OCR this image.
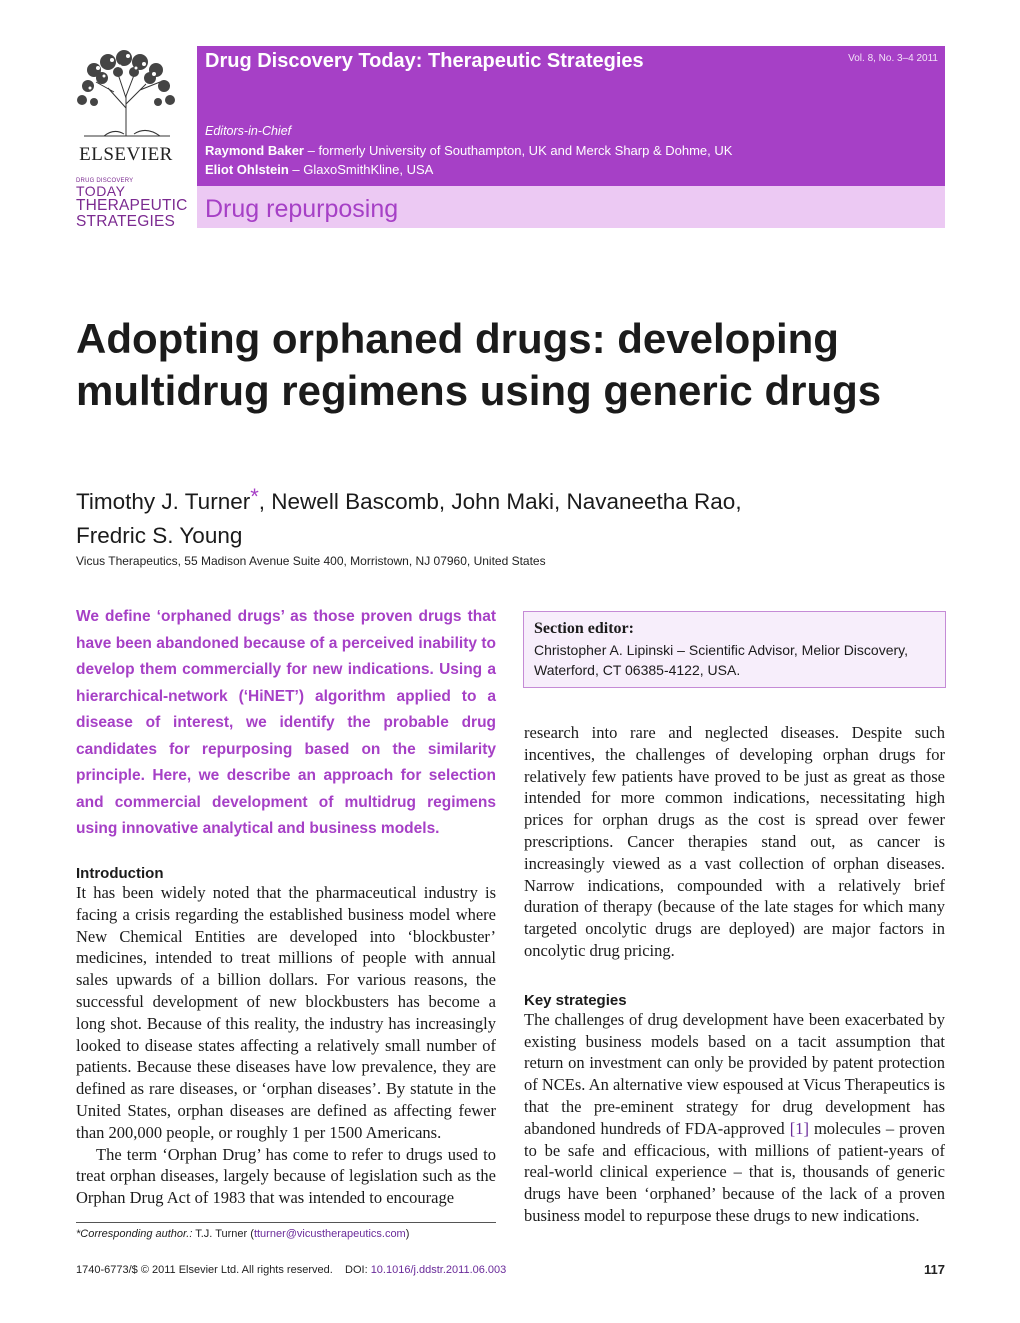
ELSEVIER
DRUG DISCOVERY
TODAY
THERAPEUTIC
STRATEGIES
Drug Discovery Today: Therapeutic Strategies	Vol. 8, No. 3–4 2011
Editors-in-Chief
Raymond Baker – formerly University of Southampton, UK and Merck Sharp & Dohme, UK
Eliot Ohlstein – GlaxoSmithKline, USA
Drug repurposing
Adopting orphaned drugs: developing multidrug regimens using generic drugs
Timothy J. Turner*, Newell Bascomb, John Maki, Navaneetha Rao,
Fredric S. Young
Vicus Therapeutics, 55 Madison Avenue Suite 400, Morristown, NJ 07960, United States

We define ‘orphaned drugs’ as those proven drugs that have been abandoned because of a perceived inability to develop them commercially for new indications. Using a hierarchical-network (‘HiNET’) algorithm applied to a disease of interest, we identify the probable drug candidates for repurposing based on the similarity principle. Here, we describe an approach for selection and commercial development of multidrug regimens using innovative analytical and business models.

Section editor:
Christopher A. Lipinski – Scientific Advisor, Melior Discovery, Waterford, CT 06385-4122, USA.
Introduction

It has been widely noted that the pharmaceutical industry is facing a crisis regarding the established business model where New Chemical Entities are developed into ‘blockbuster’ medicines, intended to treat millions of people with annual sales upwards of a billion dollars. For various reasons, the successful development of new blockbusters has become a long shot. Because of this reality, the industry has increasingly looked to disease states affecting a relatively small number of patients. Because these diseases have low prevalence, they are defined as rare diseases, or ‘orphan diseases’. By statute in the United States, orphan diseases are defined as affecting fewer than 200,000 people, or roughly 1 per 1500 Americans.

The term ‘Orphan Drug’ has come to refer to drugs used to treat orphan diseases, largely because of legislation such as the Orphan Drug Act of 1983 that was intended to encourage

research into rare and neglected diseases. Despite such incentives, the challenges of developing orphan drugs for relatively few patients have proved to be just as great as those intended for more common indications, necessitating high prices for orphan drugs as the cost is spread over fewer prescriptions. Cancer therapies stand out, as cancer is increasingly viewed as a vast collection of orphan diseases. Narrow indications, compounded with a relatively brief duration of therapy (because of the late stages for which many targeted oncolytic drugs are deployed) are major factors in oncolytic drug pricing.

Key strategies

The challenges of drug development have been exacerbated by existing business models based on a tacit assumption that return on investment can only be provided by patent protection of NCEs. An alternative view espoused at Vicus Therapeutics is that the pre-eminent strategy for drug development has abandoned hundreds of FDA-approved [1] molecules – proven to be safe and efficacious, with millions of patient-years of real-world clinical experience – that is, thousands of generic drugs have been ‘orphaned’ because of the lack of a proven business model to repurpose these drugs to new indications.

*Corresponding author.: T.J. Turner (tturner@vicustherapeutics.com)
1740-6773/$ © 2011 Elsevier Ltd. All rights reserved. DOI: 10.1016/j.ddstr.2011.06.003	117
